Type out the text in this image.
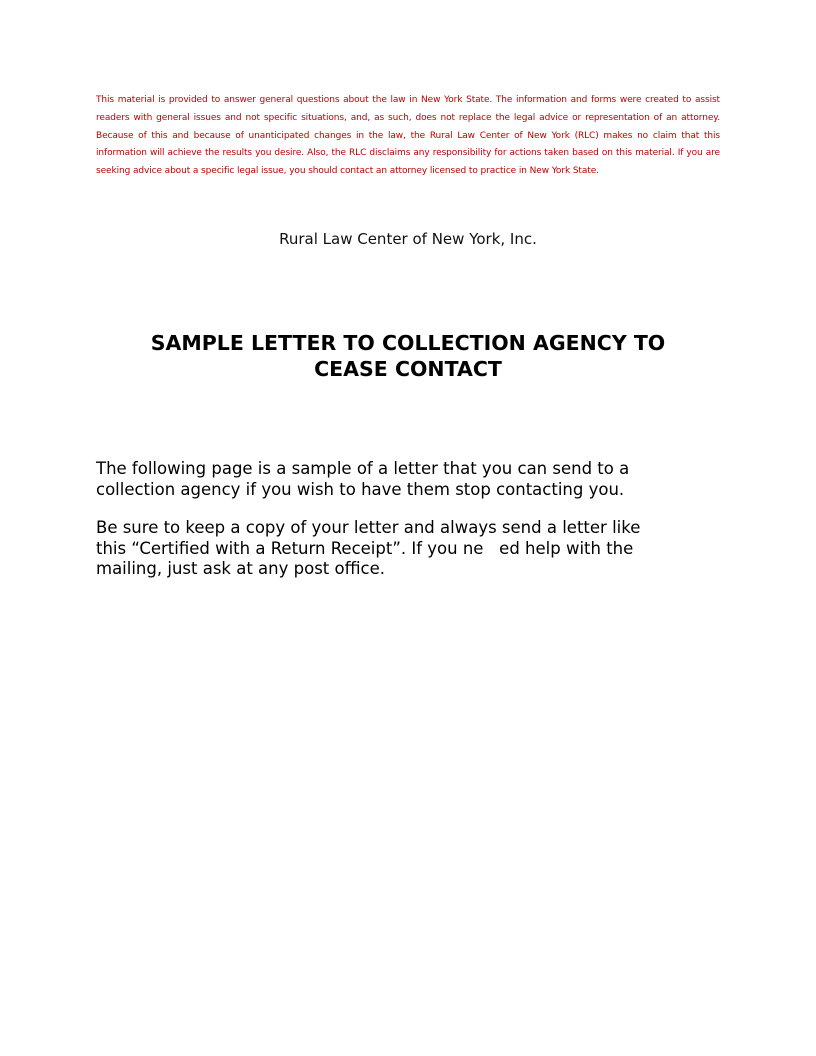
This material is provided to answer general questions about the law in New York State. The information and forms were created to assist readers with general issues and not specific situations, and, as such, does not replace the legal advice or representation of an attorney. Because of this and because of unanticipated changes in the law, the Rural Law Center of New York (RLC) makes no claim that this information will achieve the results you desire. Also, the RLC disclaims any responsibility for actions taken based on this material. If you are seeking advice about a specific legal issue, you should contact an attorney licensed to practice in New York State.

Rural Law Center of New York, Inc.
SAMPLE LETTER TO COLLECTION AGENCY TO
CEASE CONTACT

The following page is a sample of a letter that you can send to a
collection agency if you wish to have them stop contacting you.

Be sure to keep a copy of your letter and always send a letter like
this “Certified with a Return Receipt”. If you ne   ed help with the
mailing, just ask at any post office.
